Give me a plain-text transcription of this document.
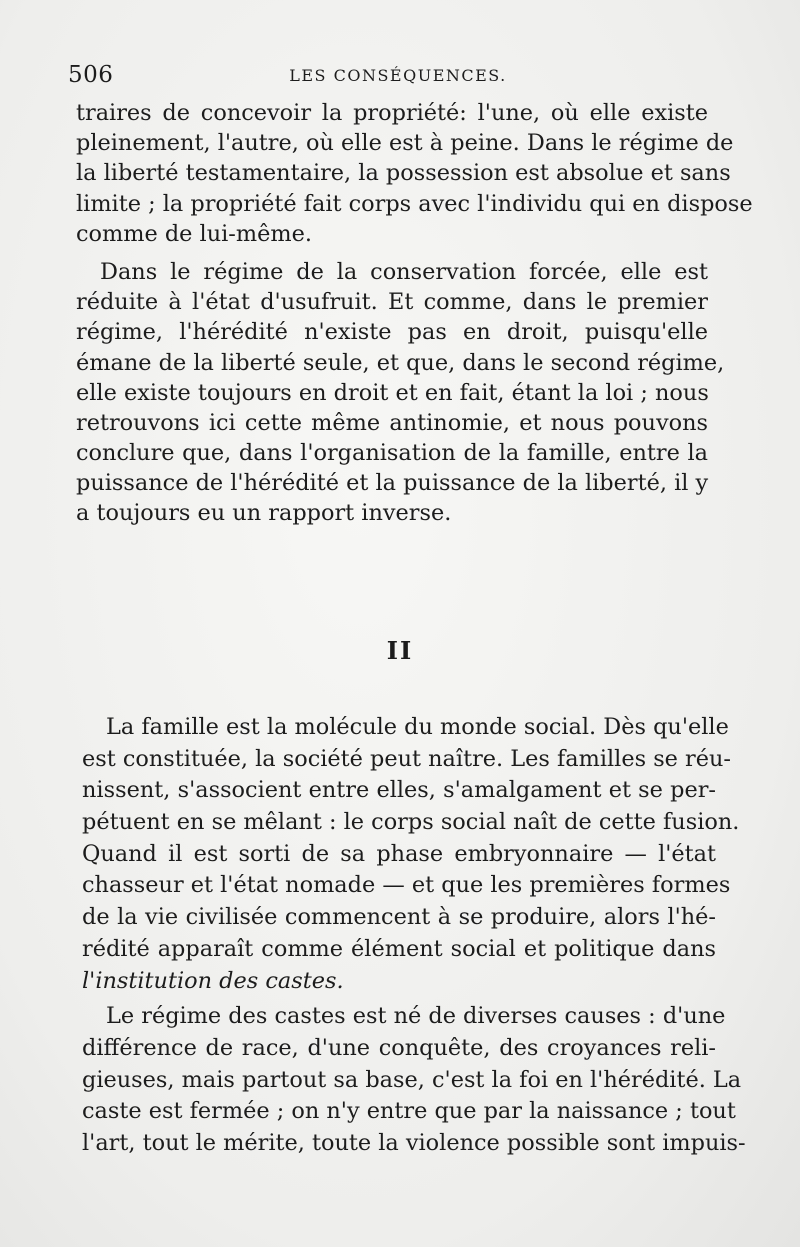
506	LES CONSÉQUENCES.
traires de concevoir la propriété: l'une, où elle existe
pleinement, l'autre, où elle est à peine. Dans le régime de
la liberté testamentaire, la possession est absolue et sans
limite ; la propriété fait corps avec l'individu qui en dispose
comme de lui-même.
Dans le régime de la conservation forcée, elle est
réduite à l'état d'usufruit. Et comme, dans le premier
régime, l'hérédité n'existe pas en droit, puisqu'elle
émane de la liberté seule, et que, dans le second régime,
elle existe toujours en droit et en fait, étant la loi ; nous
retrouvons ici cette même antinomie, et nous pouvons
conclure que, dans l'organisation de la famille, entre la
puissance de l'hérédité et la puissance de la liberté, il y
a toujours eu un rapport inverse.
II
La famille est la molécule du monde social. Dès qu'elle
est constituée, la société peut naître. Les familles se réu-
nissent, s'associent entre elles, s'amalgament et se per-
pétuent en se mêlant : le corps social naît de cette fusion.
Quand il est sorti de sa phase embryonnaire — l'état
chasseur et l'état nomade — et que les premières formes
de la vie civilisée commencent à se produire, alors l'hé-
rédité apparaît comme élément social et politique dans
l'institution des castes.
Le régime des castes est né de diverses causes : d'une
différence de race, d'une conquête, des croyances reli-
gieuses, mais partout sa base, c'est la foi en l'hérédité. La
caste est fermée ; on n'y entre que par la naissance ; tout
l'art, tout le mérite, toute la violence possible sont impuis-
